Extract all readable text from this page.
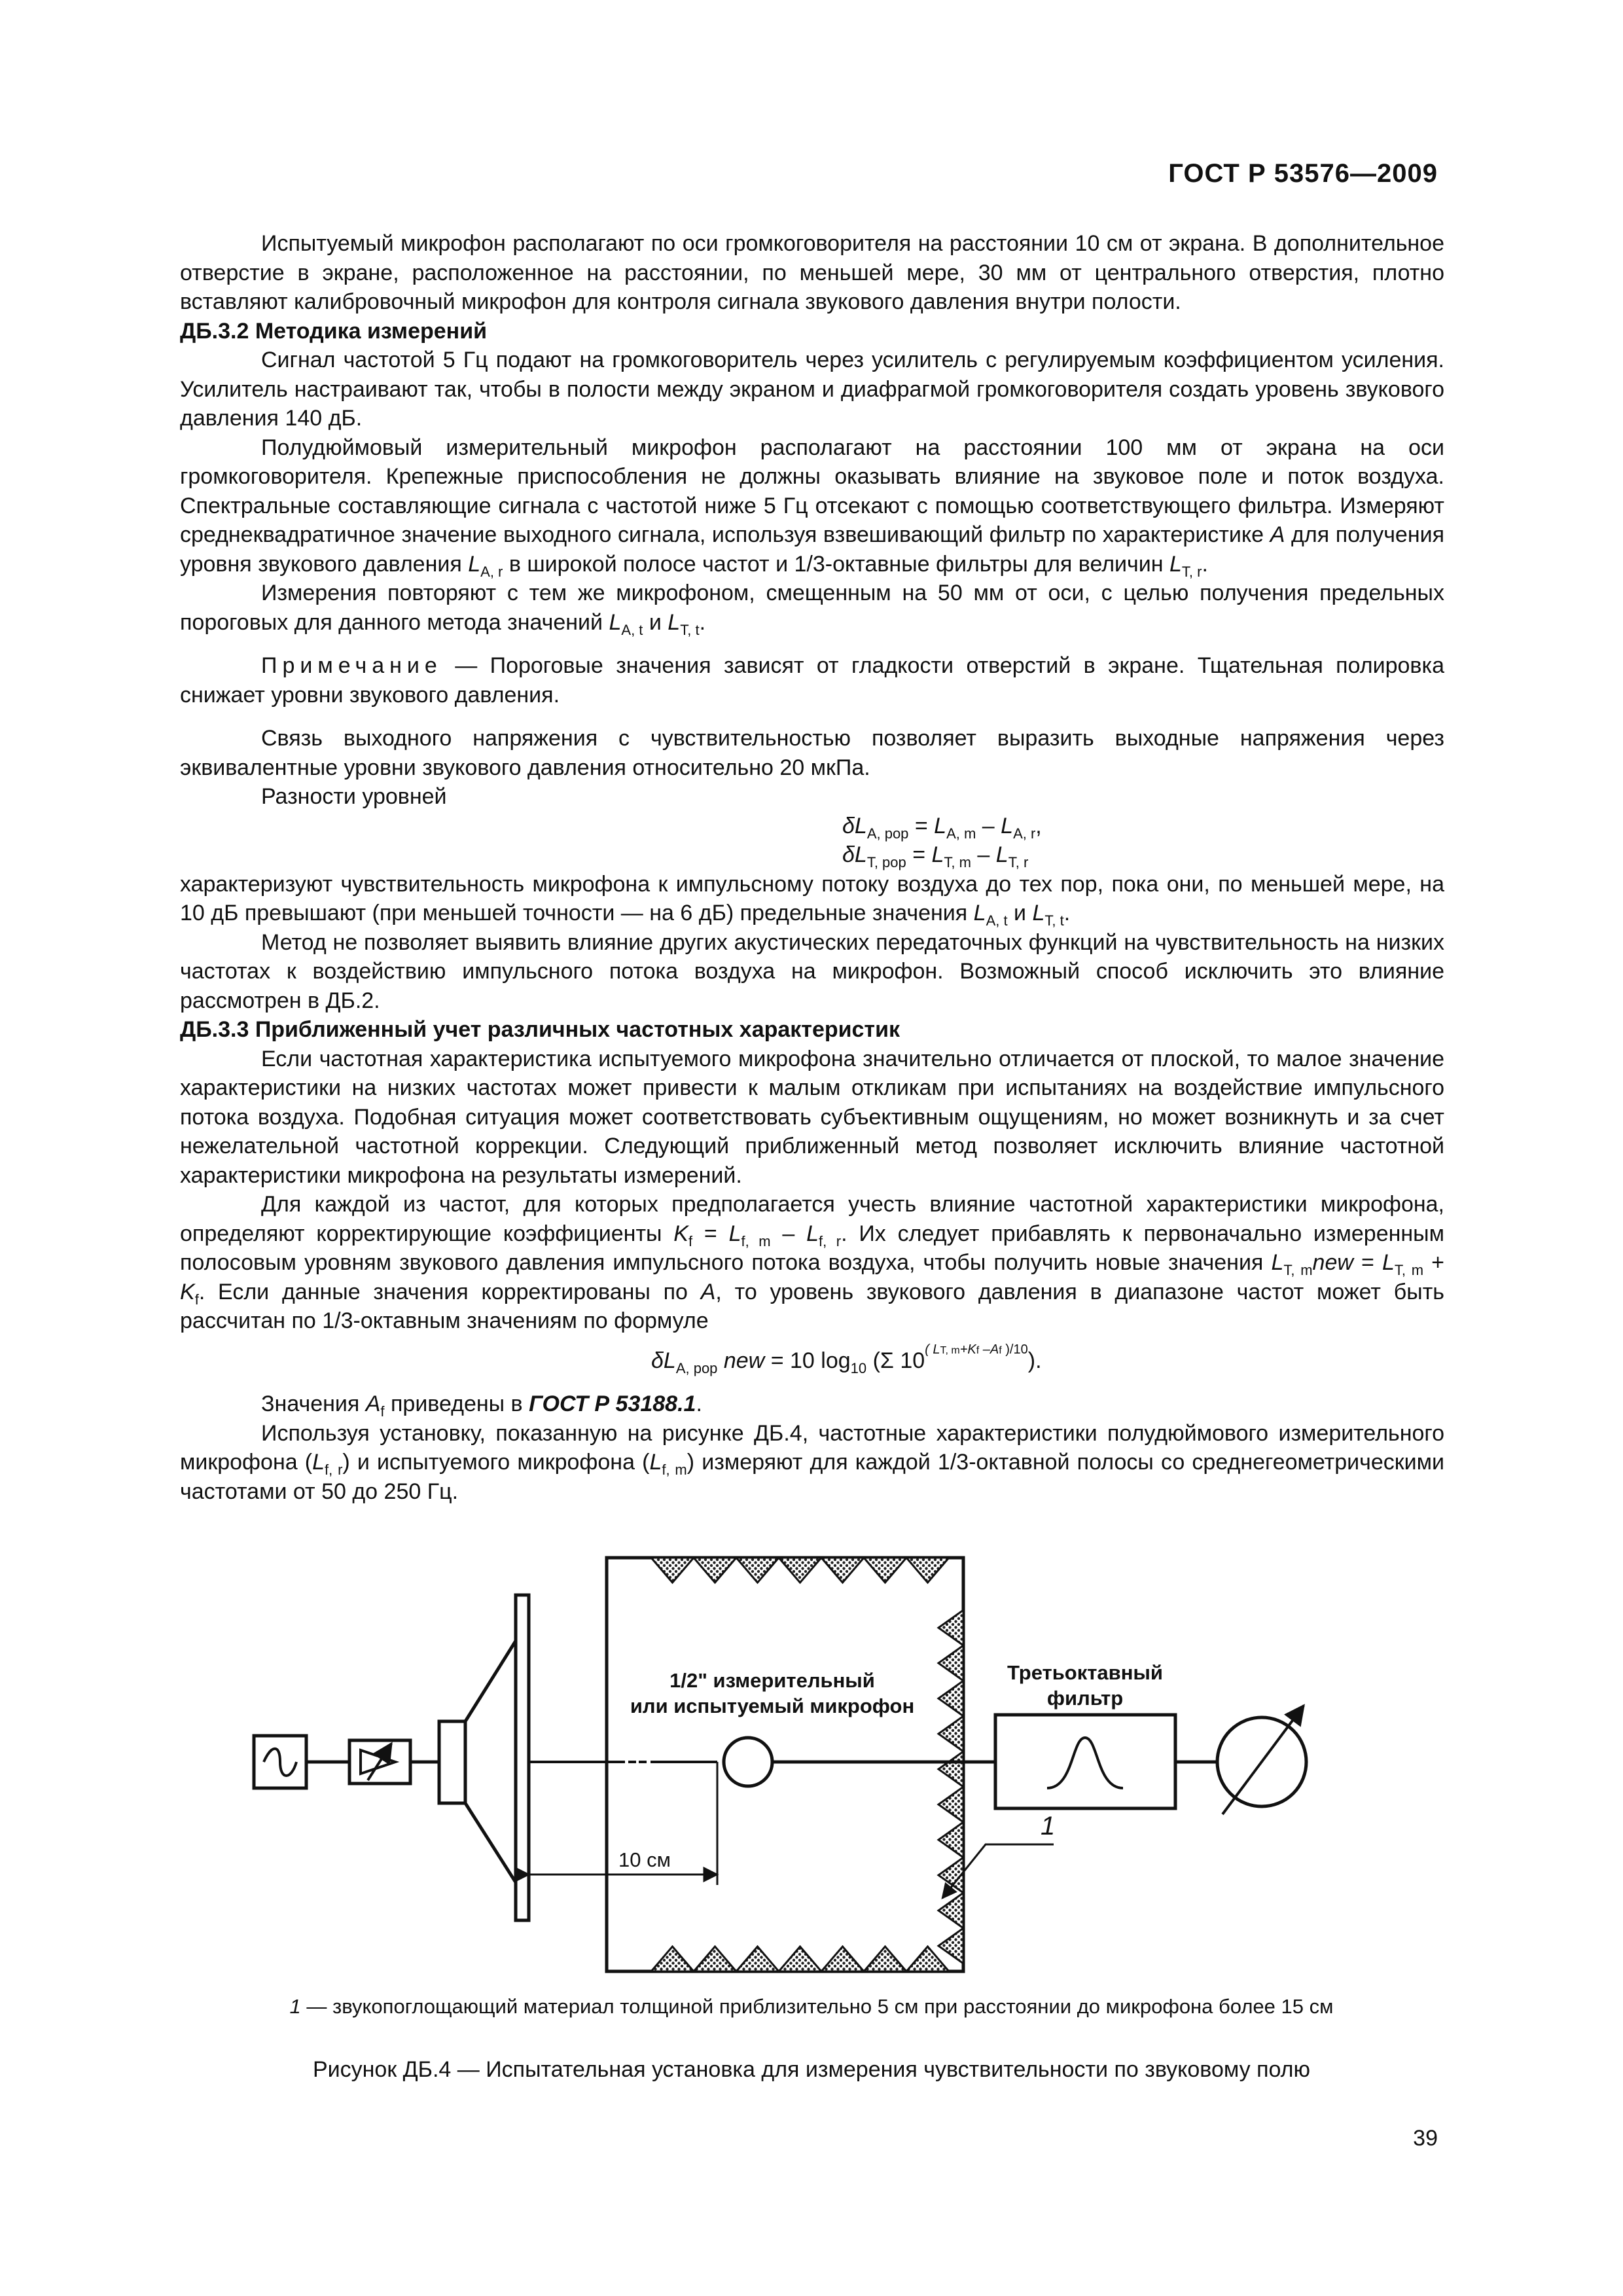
ГОСТ Р 53576—2009

Испытуемый микрофон располагают по оси громкоговорителя на расстоянии 10 см от экрана. В дополнительное отверстие в экране, расположенное на расстоянии, по меньшей мере, 30 мм от центрального отверстия, плотно вставляют калибровочный микрофон для контроля сигнала звукового давления внутри полости.

ДБ.3.2 Методика измерений

Сигнал частотой 5 Гц подают на громкоговоритель через усилитель с регулируемым коэффициентом усиления. Усилитель настраивают так, чтобы в полости между экраном и диафрагмой громкоговорителя создать уровень звукового давления 140 дБ.

Полудюймовый измерительный микрофон располагают на расстоянии 100 мм от экрана на оси громкоговорителя. Крепежные приспособления не должны оказывать влияние на звуковое поле и поток воздуха. Спектральные составляющие сигнала с частотой ниже 5 Гц отсекают с помощью соответствующего фильтра. Измеряют среднеквадратичное значение выходного сигнала, используя взвешивающий фильтр по характеристике A для получения уровня звукового давления $L_{A, r}$ в широкой полосе частот и 1/3-октавные фильтры для величин $L_{T, r}$.

Измерения повторяют с тем же микрофоном, смещенным на 50 мм от оси, с целью получения предельных пороговых для данного метода значений $L_{A, t}$ и $L_{T, t}$.

Примечание — Пороговые значения зависят от гладкости отверстий в экране. Тщательная полировка снижает уровни звукового давления.

Связь выходного напряжения с чувствительностью позволяет выразить выходные напряжения через эквивалентные уровни звукового давления относительно 20 мкПа.

Разности уровней

$\delta L_{A, pop} = L_{A, m} - L_{A, r}$,

$\delta L_{T, pop} = L_{T, m} - L_{T, r}$

характеризуют чувствительность микрофона к импульсному потоку воздуха до тех пор, пока они, по меньшей мере, на 10 дБ превышают (при меньшей точности — на 6 дБ) предельные значения $L_{A, t}$ и $L_{T, t}$.

Метод не позволяет выявить влияние других акустических передаточных функций на чувствительность на низких частотах к воздействию импульсного потока воздуха на микрофон. Возможный способ исключить это влияние рассмотрен в ДБ.2.

ДБ.3.3 Приближенный учет различных частотных характеристик

Если частотная характеристика испытуемого микрофона значительно отличается от плоской, то малое значение характеристики на низких частотах может привести к малым откликам при испытаниях на воздействие импульсного потока воздуха. Подобная ситуация может соответствовать субъективным ощущениям, но может возникнуть и за счет нежелательной частотной коррекции. Следующий приближенный метод позволяет исключить влияние частотной характеристики микрофона на результаты измерений.

Для каждой из частот, для которых предполагается учесть влияние частотной характеристики микрофона, определяют корректирующие коэффициенты $K_f = L_{f, m} - L_{f, r}$. Их следует прибавлять к первоначально измеренным полосовым уровням звукового давления импульсного потока воздуха, чтобы получить новые значения $L_{T, m}new = L_{T, m} + K_f$. Если данные значения корректированы по A, то уровень звукового давления в диапазоне частот может быть рассчитан по 1/3-октавным значениям по формуле

$\delta L_{A, pop}$ new = 10 $\log_{10} (\Sigma$ $10^{( LT, m+Kf -Af )/10}$).

Значения $A_f$ приведены в ГОСТ Р 53188.1.

Используя установку, показанную на рисунке ДБ.4, частотные характеристики полудюймового измерительного микрофона $(L_{f, r})$ и испытуемого микрофона $(L_{f, m})$ измеряют для каждой 1/3-октавной полосы со среднегеометрическими частотами от 50 до 250 Гц.

1/2" измерительный
или испытуемый микрофон
Третьоктавный
фильтр
10 см
1
1 — звукопоглощающий материал толщиной приблизительно 5 см при расстоянии до микрофона более 15 см
Рисунок ДБ.4 — Испытательная установка для измерения чувствительности по звуковому полю
39
